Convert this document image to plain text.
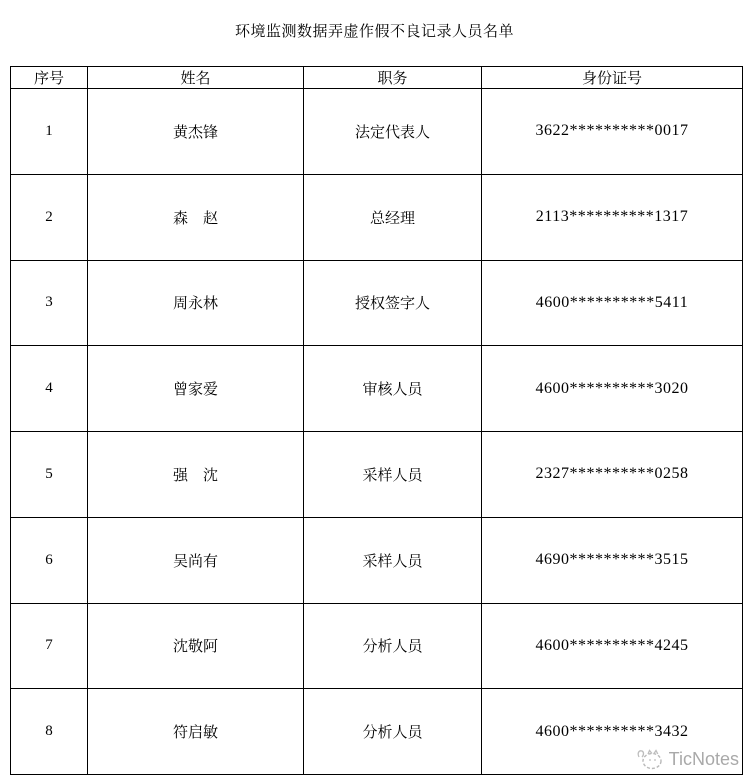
环境监测数据弄虚作假不良记录人员名单
序号	姓名	职务	身份证号
1	黄杰锋	法定代表人	3622**********0017
2	森　赵	总经理	2113**********1317
3	周永林	授权签字人	4600**********5411
4	曾家爱	审核人员	4600**********3020
5	强　沈	采样人员	2327**********0258
6	吴尚有	采样人员	4690**********3515
7	沈敬阿	分析人员	4600**********4245
8	符启敏	分析人员	4600**********3432
TicNotes
